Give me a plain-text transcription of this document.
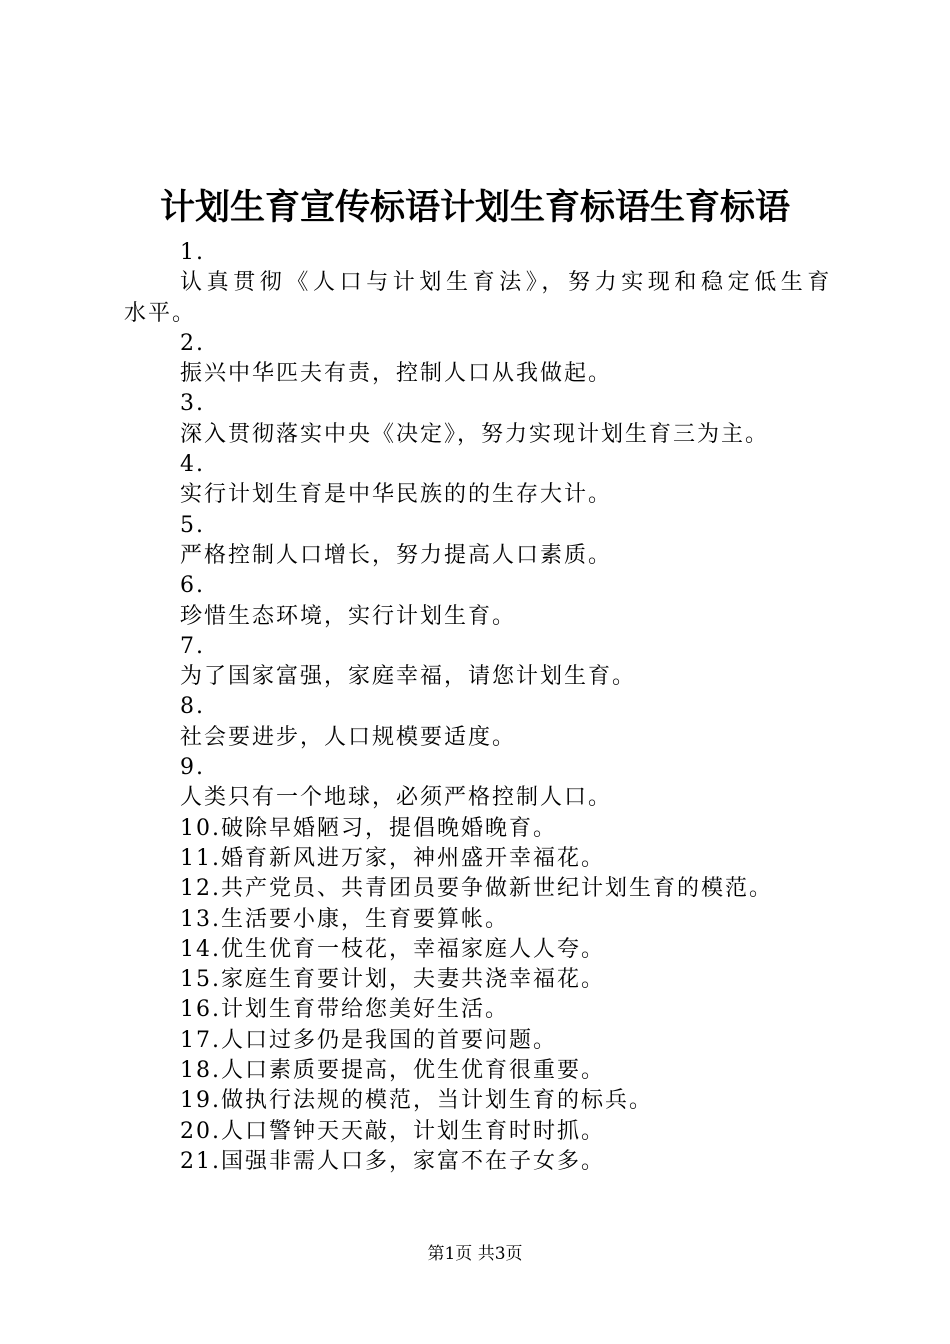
计划生育宣传标语计划生育标语生育标语
1.
认真贯彻《人口与计划生育法》，努力实现和稳定低生育
水平。
2.
振兴中华匹夫有责，控制人口从我做起。
3.
深入贯彻落实中央《决定》，努力实现计划生育三为主。
4.
实行计划生育是中华民族的的生存大计。
5.
严格控制人口增长，努力提高人口素质。
6.
珍惜生态环境，实行计划生育。
7.
为了国家富强，家庭幸福，请您计划生育。
8.
社会要进步，人口规模要适度。
9.
人类只有一个地球，必须严格控制人口。
10.破除早婚陋习，提倡晚婚晚育。
11.婚育新风进万家，神州盛开幸福花。
12.共产党员、共青团员要争做新世纪计划生育的模范。
13.生活要小康，生育要算帐。
14.优生优育一枝花，幸福家庭人人夸。
15.家庭生育要计划，夫妻共浇幸福花。
16.计划生育带给您美好生活。
17.人口过多仍是我国的首要问题。
18.人口素质要提高，优生优育很重要。
19.做执行法规的模范，当计划生育的标兵。
20.人口警钟天天敲，计划生育时时抓。
21.国强非需人口多，家富不在子女多。
第1页 共3页
